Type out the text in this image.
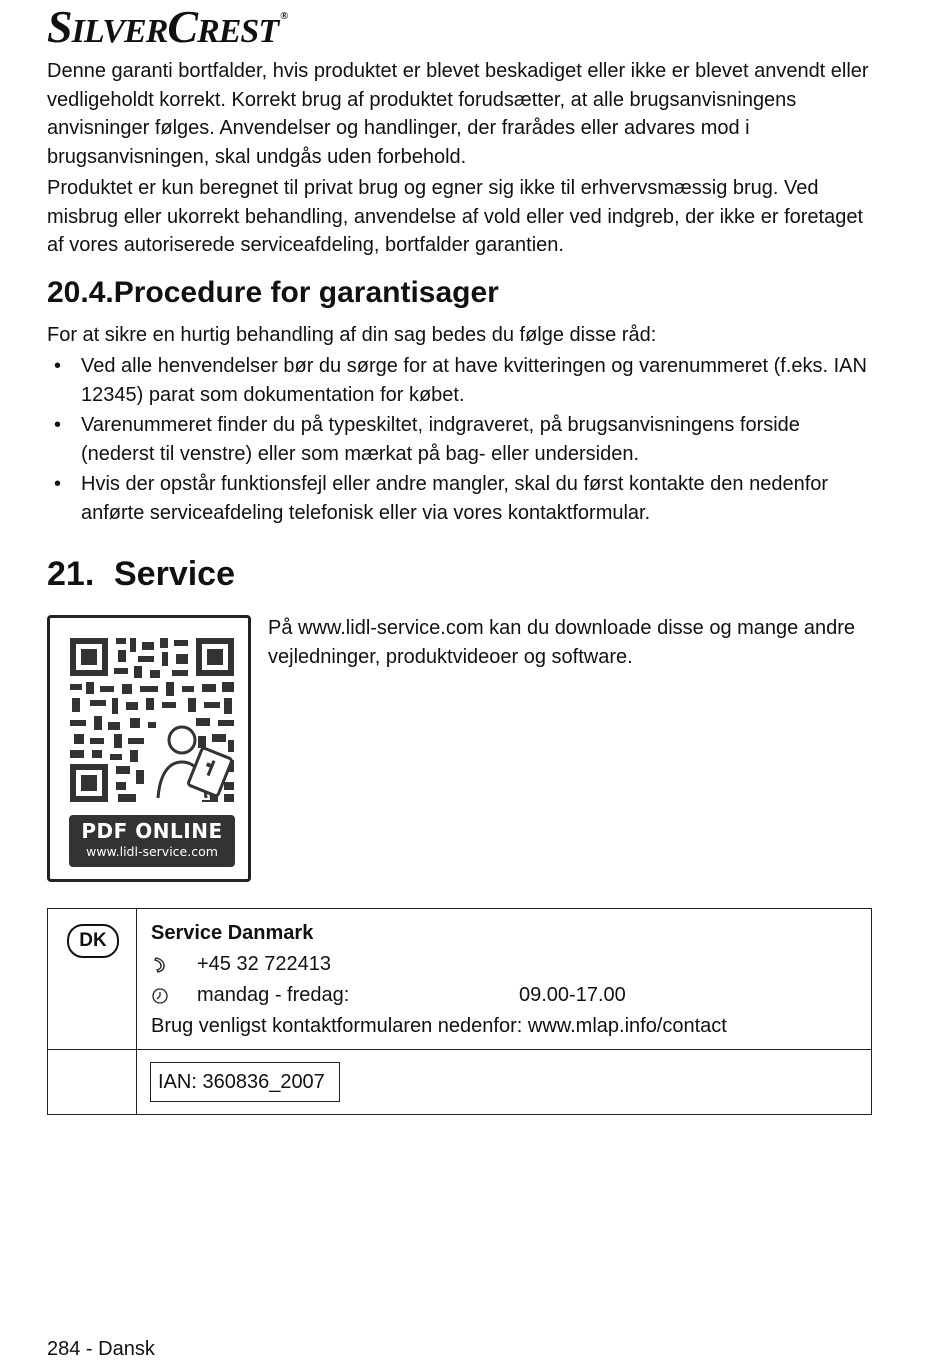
SILVERCREST ®

Denne garanti bortfalder, hvis produktet er blevet beskadiget eller ikke er blevet anvendt eller vedligeholdt korrekt. Korrekt brug af produktet forudsætter, at alle brugsanvisningens anvisninger følges. Anvendelser og handlinger, der frarådes eller advares mod i brugsanvisningen, skal undgås uden forbehold.

Produktet er kun beregnet til privat brug og egner sig ikke til erhvervsmæssig brug. Ved misbrug eller ukorrekt behandling, anvendelse af vold eller ved indgreb, der ikke er foretaget af vores autoriserede serviceafdeling, bortfalder garantien.

20.4.Procedure for garantisager
For at sikre en hurtig behandling af din sag bedes du følge disse råd:
• Ved alle henvendelser bør du sørge for at have kvitteringen og varenummeret (f.eks. IAN 12345) parat som dokumentation for købet.
• Varenummeret finder du på typeskiltet, indgraveret, på brugsanvisningens forside (nederst til venstre) eller som mærkat på bag- eller undersiden.
• Hvis der opstår funktionsfejl eller andre mangler, skal du først kontakte den nedenfor anførte serviceafdeling telefonisk eller via vores kontaktformular.
21. Service
PDF ONLINE
www.lidl-service.com
På www.lidl-service.com kan du downloade disse og mange andre vejledninger, produktvideoer og software.
DK	Service Danmark
+45 32 722413
mandag - fredag: 09.00-17.00
Brug venligst kontaktformularen nedenfor: www.mlap.info/contact

	IAN: 360836_2007
284 - Dansk
